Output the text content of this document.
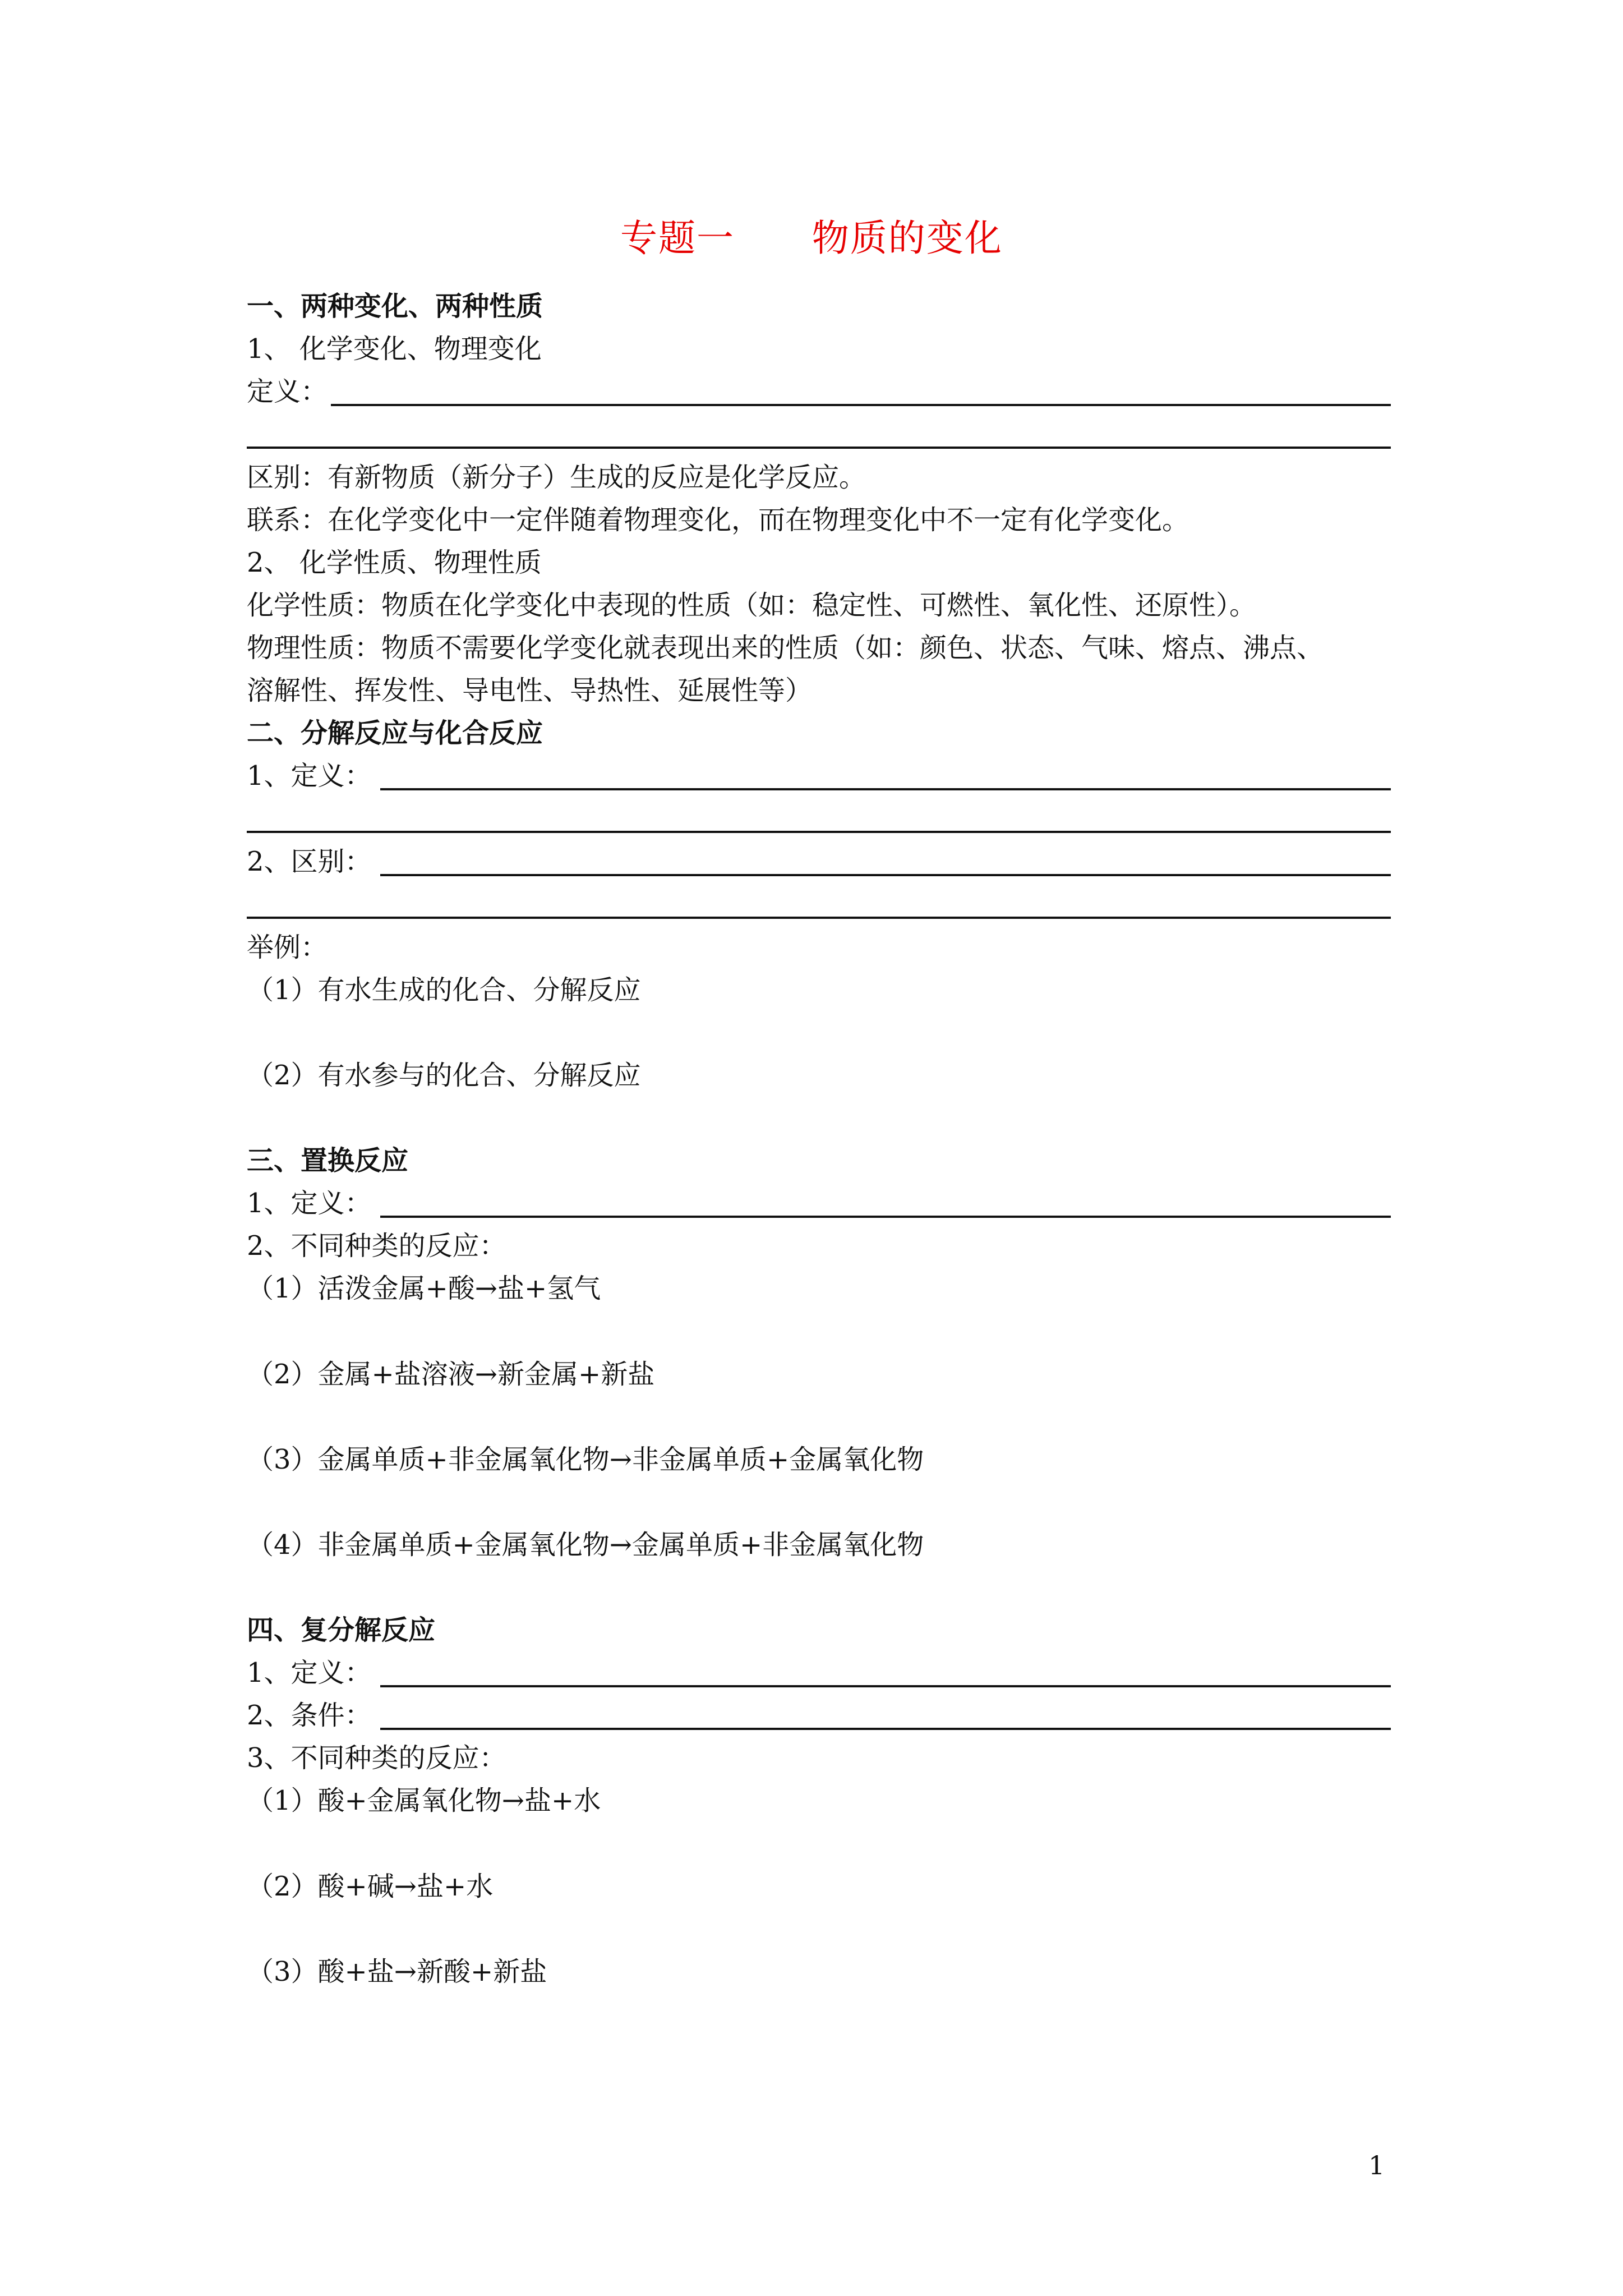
专题一      物质的变化
一、两种变化、两种性质
1、 化学变化、物理变化
定义：
区别：有新物质（新分子）生成的反应是化学反应。
联系：在化学变化中一定伴随着物理变化，而在物理变化中不一定有化学变化。
2、 化学性质、物理性质
化学性质：物质在化学变化中表现的性质（如：稳定性、可燃性、氧化性、还原性）。
物理性质：物质不需要化学变化就表现出来的性质（如：颜色、状态、气味、熔点、沸点、
溶解性、挥发性、导电性、导热性、延展性等）
二、分解反应与化合反应
1、定义：
2、区别：
举例：
（1）有水生成的化合、分解反应
（2）有水参与的化合、分解反应
三、置换反应
1、定义：
2、不同种类的反应：
（1）活泼金属+酸→盐+氢气
（2）金属+盐溶液→新金属+新盐
（3）金属单质+非金属氧化物→非金属单质+金属氧化物
（4）非金属单质+金属氧化物→金属单质+非金属氧化物
四、复分解反应
1、定义：
2、条件：
3、不同种类的反应：
（1）酸+金属氧化物→盐+水
（2）酸+碱→盐+水
（3）酸+盐→新酸+新盐
1
